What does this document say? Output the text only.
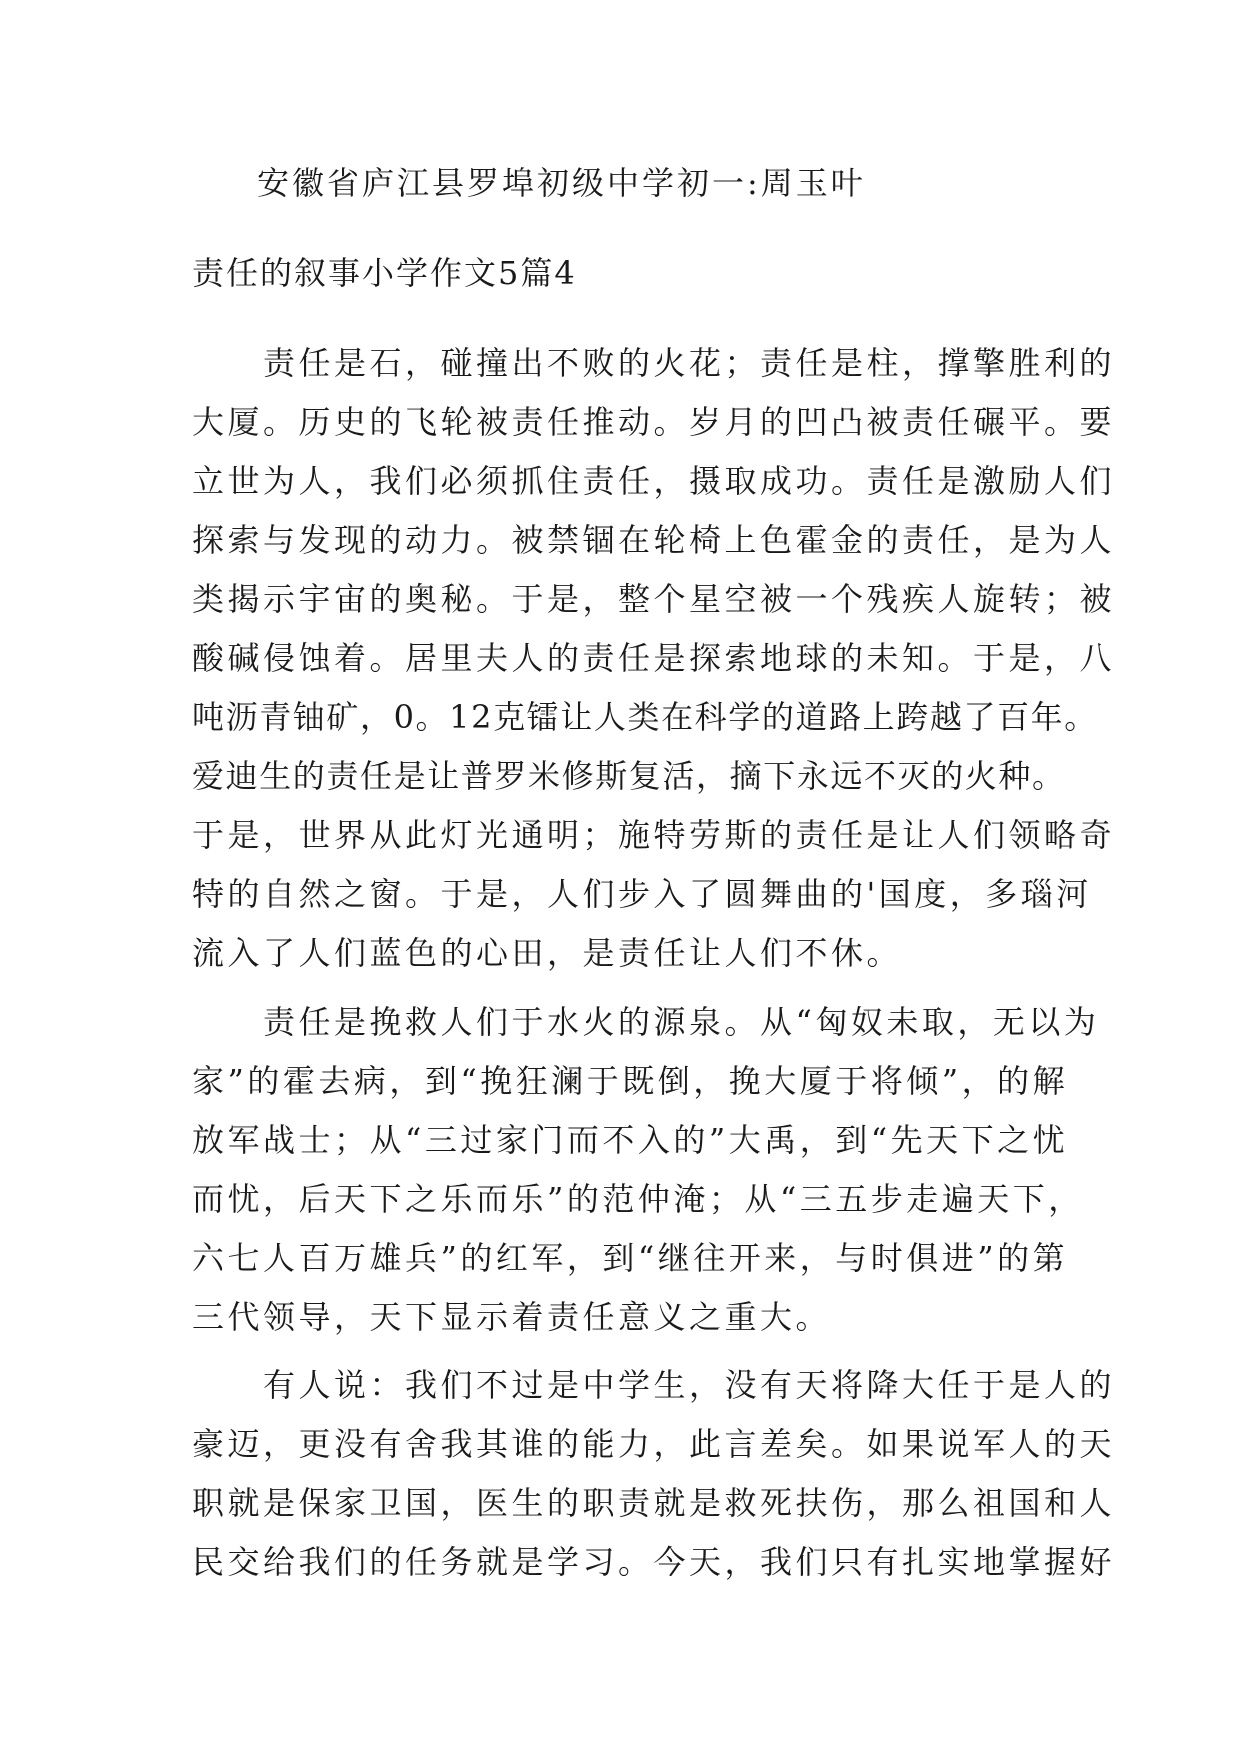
安徽省庐江县罗埠初级中学初一:周玉叶
责任的叙事小学作文5篇4
　　责任是石，碰撞出不败的火花；责任是柱，撑擎胜利的
大厦。历史的飞轮被责任推动。岁月的凹凸被责任碾平。要
立世为人，我们必须抓住责任，摄取成功。责任是激励人们
探索与发现的动力。被禁锢在轮椅上色霍金的责任，是为人
类揭示宇宙的奥秘。于是，整个星空被一个残疾人旋转；被
酸碱侵蚀着。居里夫人的责任是探索地球的未知。于是，八
吨沥青铀矿，0。12克镭让人类在科学的道路上跨越了百年。
爱迪生的责任是让普罗米修斯复活，摘下永远不灭的火种。
于是，世界从此灯光通明；施特劳斯的责任是让人们领略奇
特的自然之窗。于是，人们步入了圆舞曲的'国度，多瑙河
流入了人们蓝色的心田，是责任让人们不休。
　　责任是挽救人们于水火的源泉。从“匈奴未取，无以为
家”的霍去病，到“挽狂澜于既倒，挽大厦于将倾”，的解
放军战士；从“三过家门而不入的”大禹，到“先天下之忧
而忧，后天下之乐而乐”的范仲淹；从“三五步走遍天下，
六七人百万雄兵”的红军，到“继往开来，与时俱进”的第
三代领导，天下显示着责任意义之重大。
　　有人说：我们不过是中学生，没有天将降大任于是人的
豪迈，更没有舍我其谁的能力，此言差矣。如果说军人的天
职就是保家卫国，医生的职责就是救死扶伤，那么祖国和人
民交给我们的任务就是学习。今天，我们只有扎实地掌握好
